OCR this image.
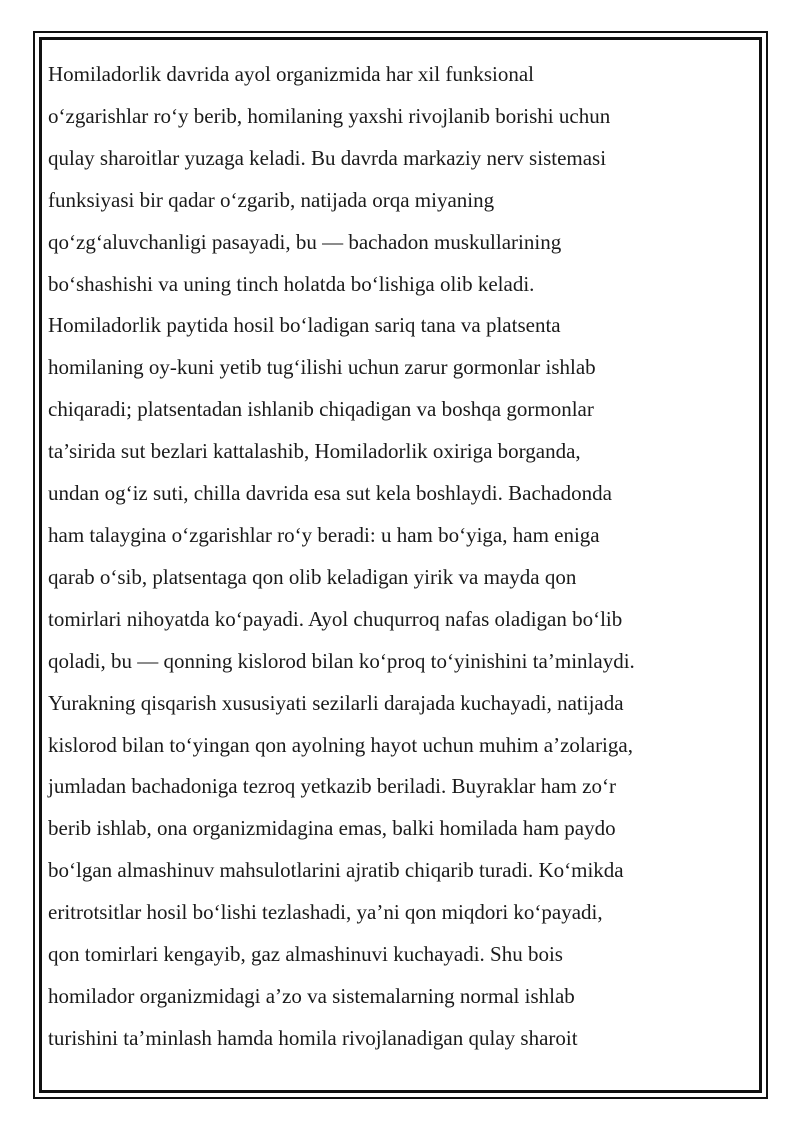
Homiladorlik davrida ayol organizmida har xil funksional
o‘zgarishlar ro‘y berib, homilaning yaxshi rivojlanib borishi uchun
qulay sharoitlar yuzaga keladi. Bu davrda markaziy nerv sistemasi
funksiyasi bir qadar o‘zgarib, natijada orqa miyaning
qo‘zg‘aluvchanligi pasayadi, bu — bachadon muskullarining
bo‘shashishi va uning tinch holatda bo‘lishiga olib keladi.
Homiladorlik paytida hosil bo‘ladigan sariq tana va platsenta
homilaning oy-kuni yetib tug‘ilishi uchun zarur gormonlar ishlab
chiqaradi; platsentadan ishlanib chiqadigan va boshqa gormonlar
ta’sirida sut bezlari kattalashib, Homiladorlik oxiriga borganda,
undan og‘iz suti, chilla davrida esa sut kela boshlaydi. Bachadonda
ham talaygina o‘zgarishlar ro‘y beradi: u ham bo‘yiga, ham eniga
qarab o‘sib, platsentaga qon olib keladigan yirik va mayda qon
tomirlari nihoyatda ko‘payadi. Ayol chuqurroq nafas oladigan bo‘lib
qoladi, bu — qonning kislorod bilan ko‘proq to‘yinishini ta’minlaydi.
Yurakning qisqarish xususiyati sezilarli darajada kuchayadi, natijada
kislorod bilan to‘yingan qon ayolning hayot uchun muhim a’zolariga,
jumladan bachadoniga tezroq yetkazib beriladi. Buyraklar ham zo‘r
berib ishlab, ona organizmidagina emas, balki homilada ham paydo
bo‘lgan almashinuv mahsulotlarini ajratib chiqarib turadi. Ko‘mikda
eritrotsitlar hosil bo‘lishi tezlashadi, ya’ni qon miqdori ko‘payadi,
qon tomirlari kengayib, gaz almashinuvi kuchayadi. Shu bois
homilador organizmidagi a’zo va sistemalarning normal ishlab
turishini ta’minlash hamda homila rivojlanadigan qulay sharoit
